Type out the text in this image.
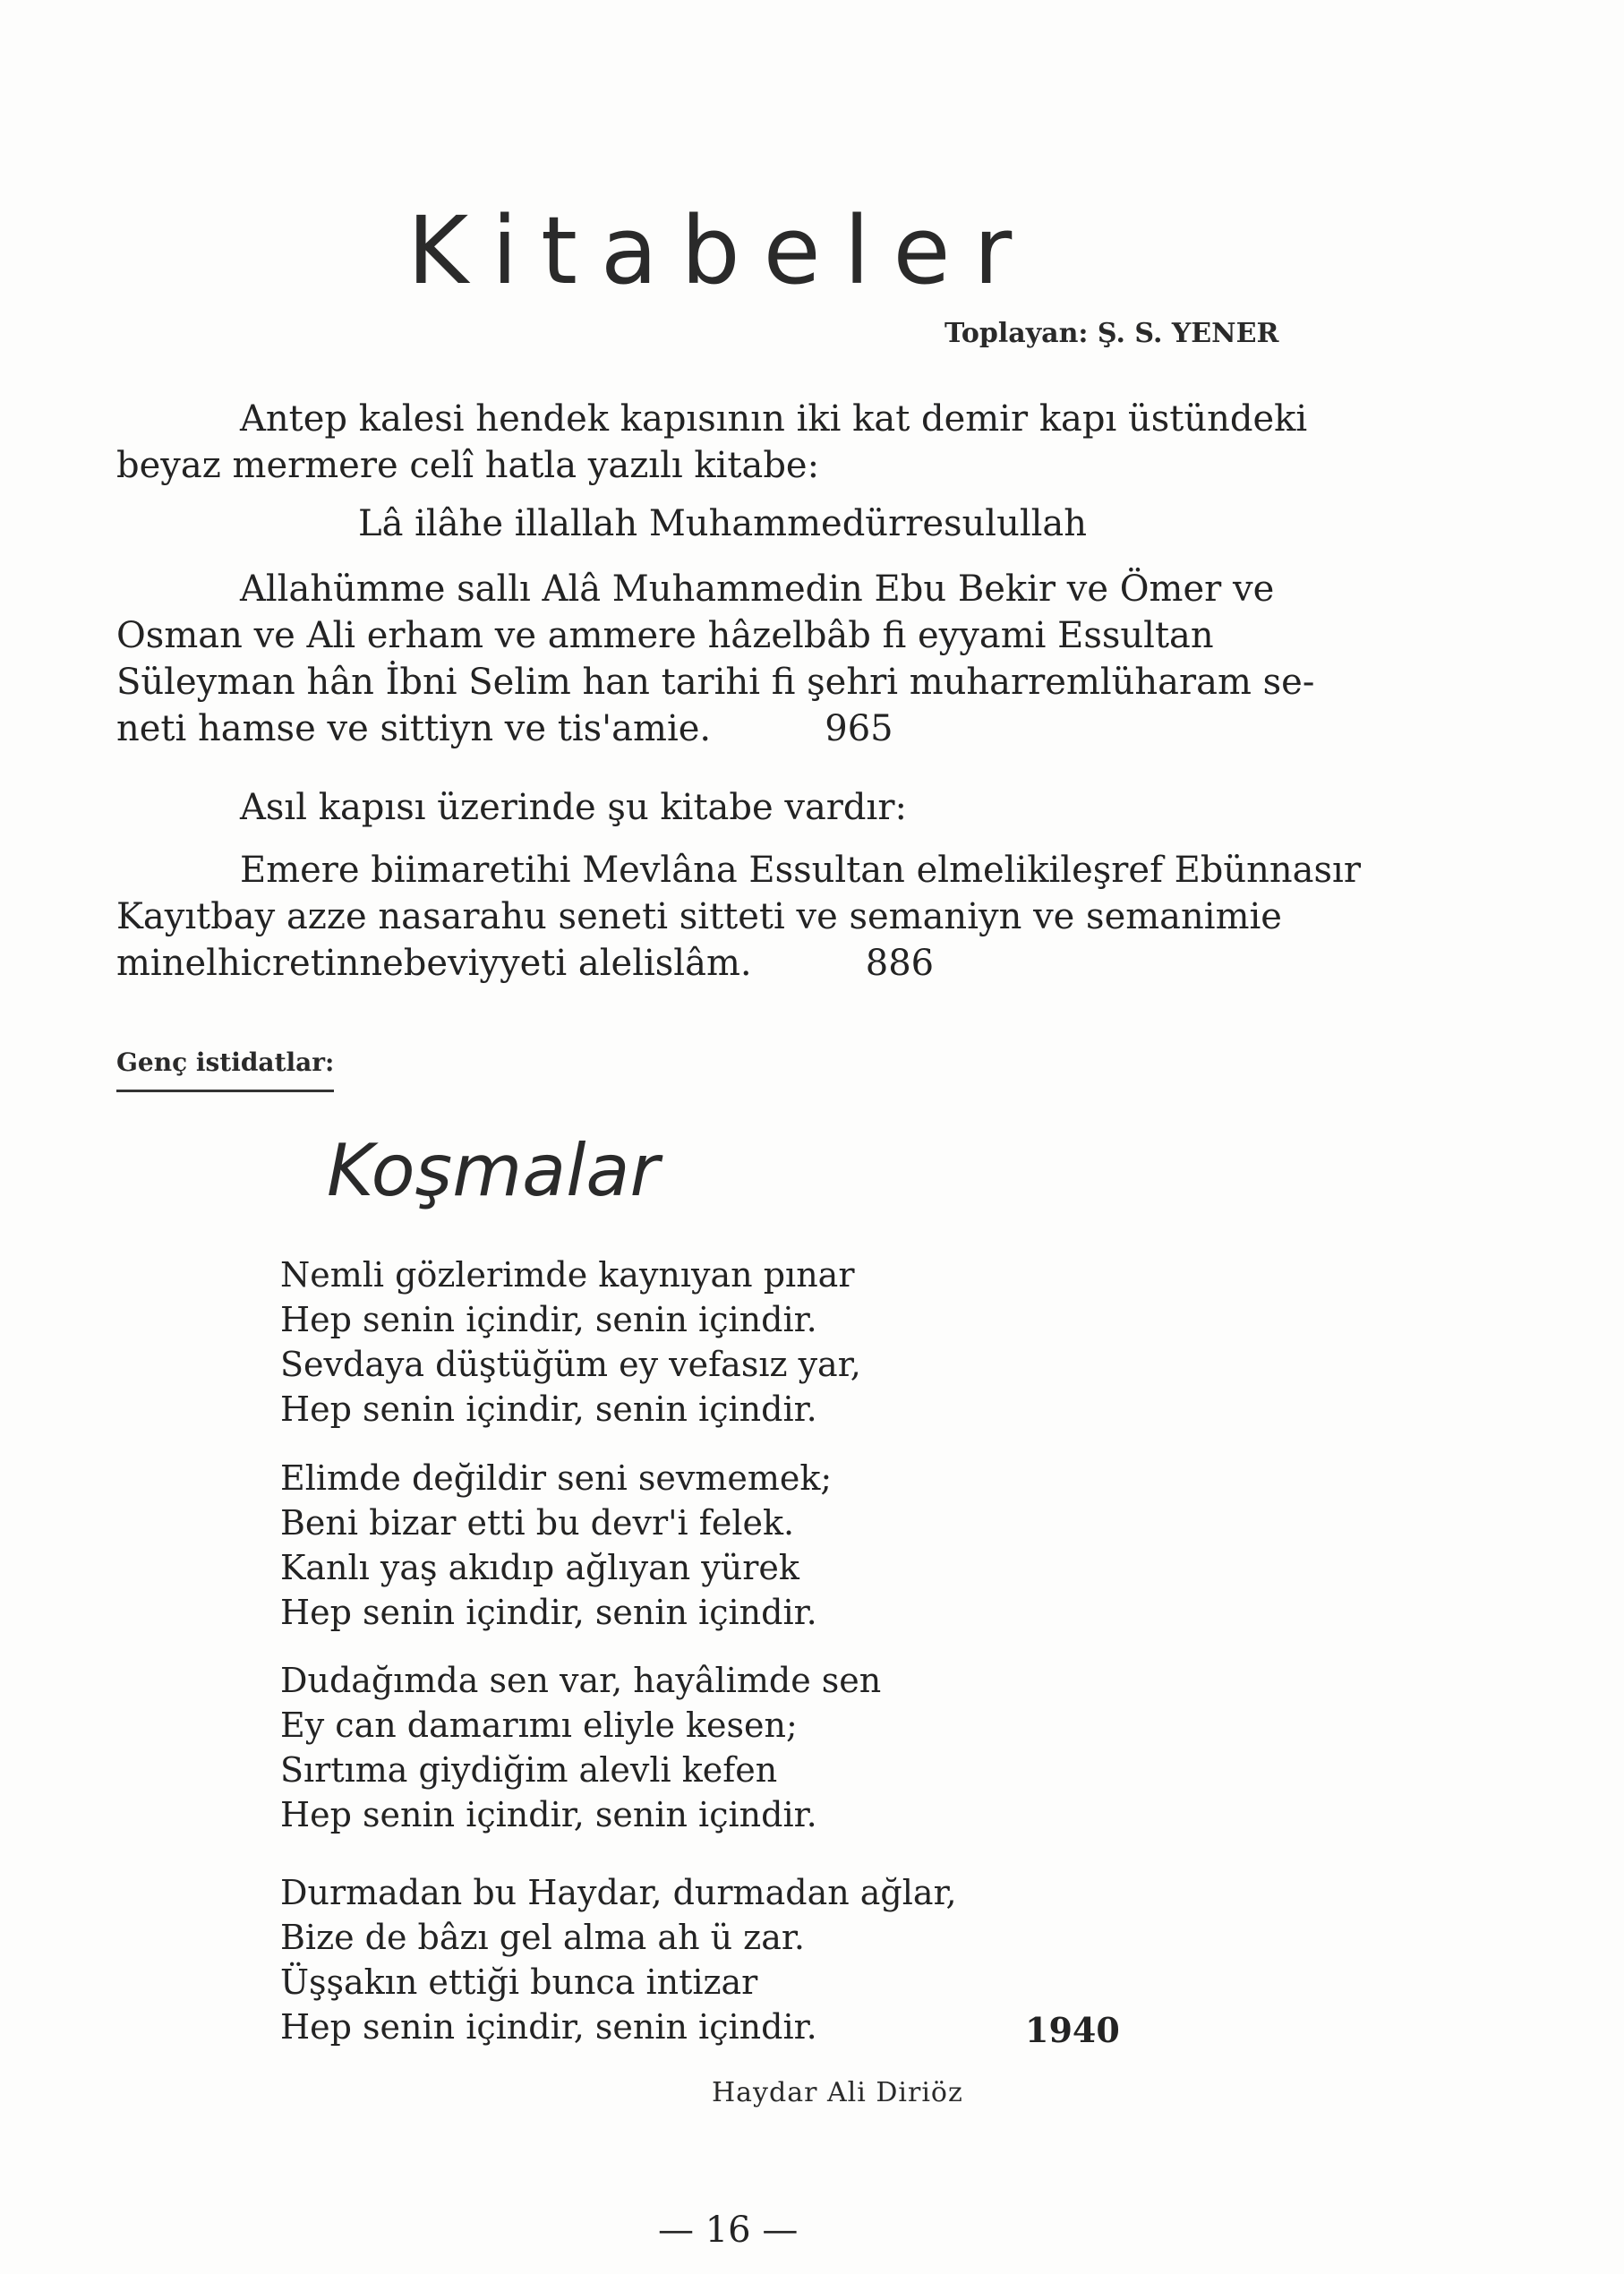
Kitabeler
Toplayan: Ş. S. YENER
Antep kalesi hendek kapısının iki kat demir kapı üstündeki
beyaz mermere celî hatla yazılı kitabe:
Lâ ilâhe illallah Muhammedürresulullah
Allahümme sallı Alâ Muhammedin Ebu Bekir ve Ömer ve
Osman ve Ali erham ve ammere hâzelbâb fi eyyami Essultan
Süleyman hân İbni Selim han tarihi fi şehri muharremlüharam se-
neti hamse ve sittiyn ve tis'amie.          965
Asıl kapısı üzerinde şu kitabe vardır:
Emere biimaretihi Mevlâna Essultan elmelikileşref Ebünnasır
Kayıtbay azze nasarahu seneti sitteti ve semaniyn ve semanimie
minelhicretinnebeviyyeti alelislâm.          886
Genç istidatlar:
Koşmalar
Nemli gözlerimde kaynıyan pınar
Hep senin içindir, senin içindir.
Sevdaya düştüğüm ey vefasız yar,
Hep senin içindir, senin içindir.
Elimde değildir seni sevmemek;
Beni bizar etti bu devr'i felek.
Kanlı yaş akıdıp ağlıyan yürek
Hep senin içindir, senin içindir.
Dudağımda sen var, hayâlimde sen
Ey can damarımı eliyle kesen;
Sırtıma giydiğim alevli kefen
Hep senin içindir, senin içindir.
Durmadan bu Haydar, durmadan ağlar,
Bize de bâzı gel alma ah ü zar.
Üşşakın ettiği bunca intizar
Hep senin içindir, senin içindir.	1940
Haydar Ali Diriöz
— 16 —
